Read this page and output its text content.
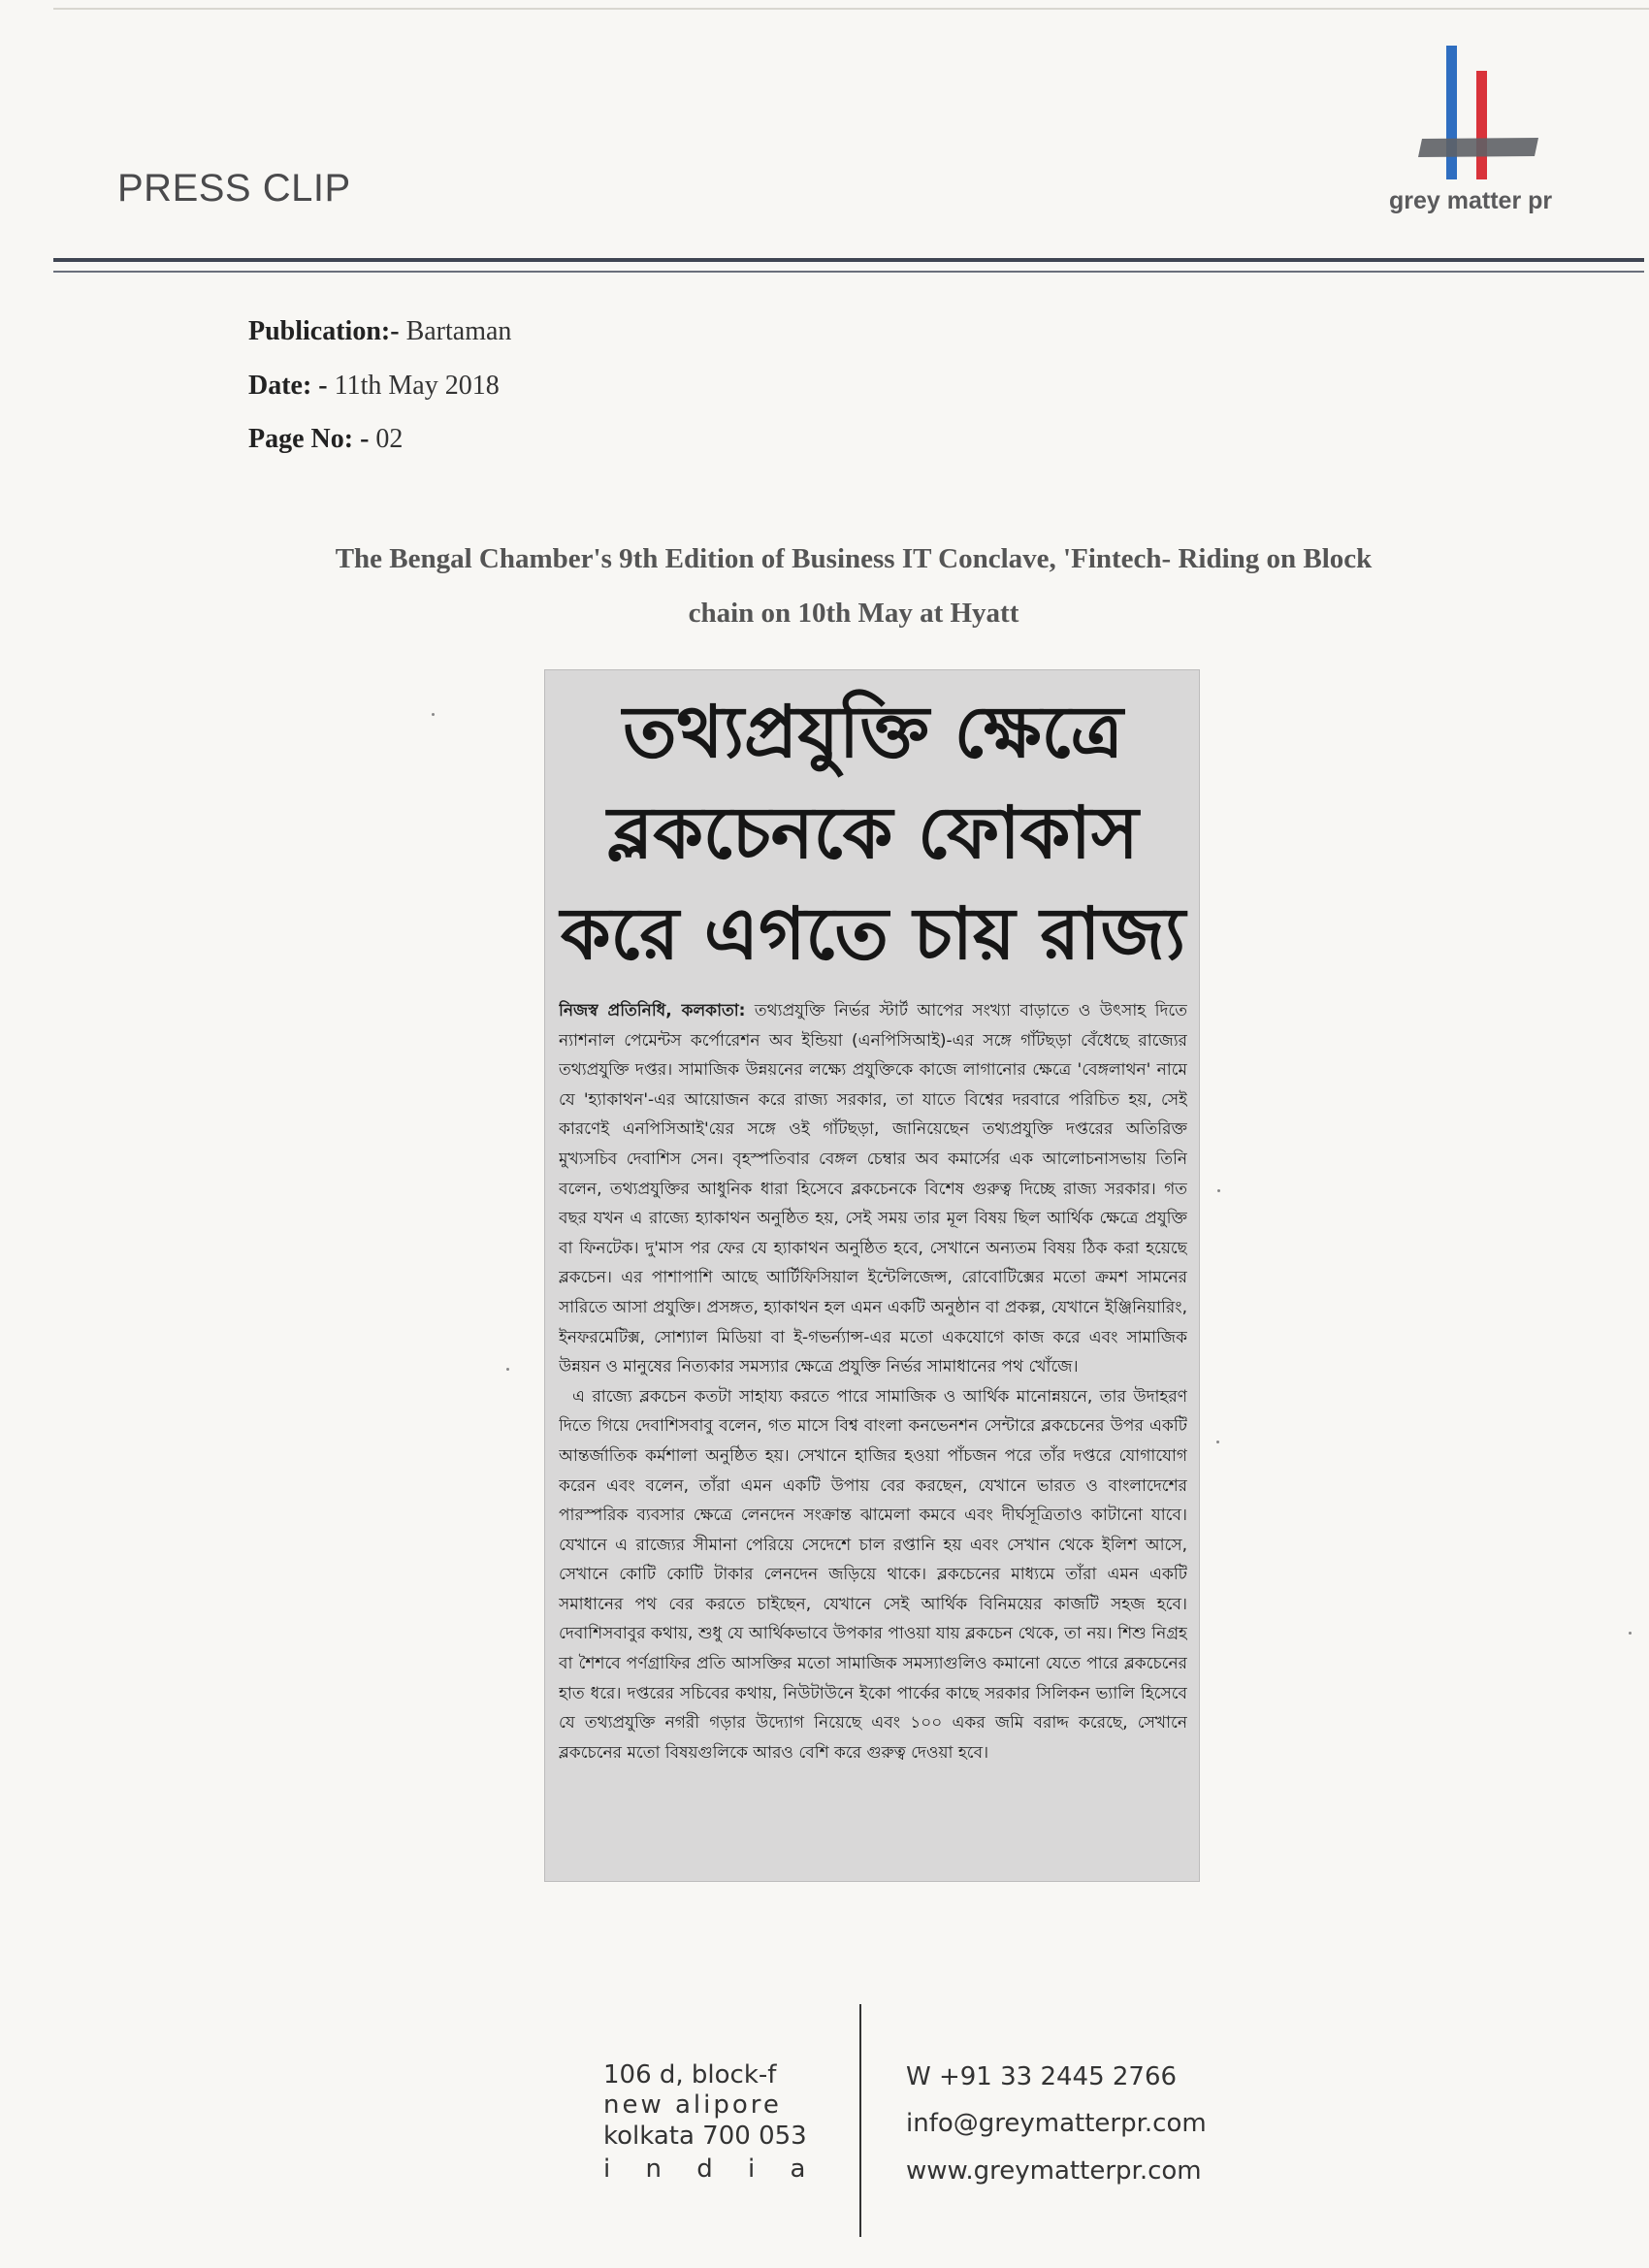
PRESS CLIP	grey matter pr
Publication:- Bartaman
Date: - 11th May 2018
Page No: - 02
The Bengal Chamber's 9th Edition of Business IT Conclave, 'Fintech- Riding on Block
chain on 10th May at Hyatt
তথ্যপ্রযুক্তি ক্ষেত্রে
ব্লকচেনকে ফোকাস
করে এগতে চায় রাজ্য

নিজস্ব প্রতিনিধি, কলকাতা: তথ্যপ্রযুক্তি নির্ভর স্টার্ট আপের সংখ্যা বাড়াতে ও উৎসাহ দিতে ন্যাশনাল পেমেন্টস কর্পোরেশন অব ইন্ডিয়া (এনপিসিআই)-এর সঙ্গে গাঁটছড়া বেঁধেছে রাজ্যের তথ্যপ্রযুক্তি দপ্তর। সামাজিক উন্নয়নের লক্ষ্যে প্রযুক্তিকে কাজে লাগানোর ক্ষেত্রে 'বেঙ্গলাথন' নামে যে 'হ্যাকাথন'-এর আয়োজন করে রাজ্য সরকার, তা যাতে বিশ্বের দরবারে পরিচিত হয়, সেই কারণেই এনপিসিআই'য়ের সঙ্গে ওই গাঁটছড়া, জানিয়েছেন তথ্যপ্রযুক্তি দপ্তরের অতিরিক্ত মুখ্যসচিব দেবাশিস সেন। বৃহস্পতিবার বেঙ্গল চেম্বার অব কমার্সের এক আলোচনাসভায় তিনি বলেন, তথ্যপ্রযুক্তির আধুনিক ধারা হিসেবে ব্লকচেনকে বিশেষ গুরুত্ব দিচ্ছে রাজ্য সরকার। গত বছর যখন এ রাজ্যে হ্যাকাথন অনুষ্ঠিত হয়, সেই সময় তার মূল বিষয় ছিল আর্থিক ক্ষেত্রে প্রযুক্তি বা ফিনটেক। দু'মাস পর ফের যে হ্যাকাথন অনুষ্ঠিত হবে, সেখানে অন্যতম বিষয় ঠিক করা হয়েছে ব্লকচেন। এর পাশাপাশি আছে আর্টিফিসিয়াল ইন্টেলিজেন্স, রোবোটিক্সের মতো ক্রমশ সামনের সারিতে আসা প্রযুক্তি। প্রসঙ্গত, হ্যাকাথন হল এমন একটি অনুষ্ঠান বা প্রকল্প, যেখানে ইঞ্জিনিয়ারিং, ইনফরমেটিক্স, সোশ্যাল মিডিয়া বা ই-গভর্ন্যান্স-এর মতো একযোগে কাজ করে এবং সামাজিক উন্নয়ন ও মানুষের নিত্যকার সমস্যার ক্ষেত্রে প্রযুক্তি নির্ভর সামাধানের পথ খোঁজে।

এ রাজ্যে ব্লকচেন কতটা সাহায্য করতে পারে সামাজিক ও আর্থিক মানোন্নয়নে, তার উদাহরণ দিতে গিয়ে দেবাশিসবাবু বলেন, গত মাসে বিশ্ব বাংলা কনভেনশন সেন্টারে ব্লকচেনের উপর একটি আন্তর্জাতিক কর্মশালা অনুষ্ঠিত হয়। সেখানে হাজির হওয়া পাঁচজন পরে তাঁর দপ্তরে যোগাযোগ করেন এবং বলেন, তাঁরা এমন একটি উপায় বের করছেন, যেখানে ভারত ও বাংলাদেশের পারস্পরিক ব্যবসার ক্ষেত্রে লেনদেন সংক্রান্ত ঝামেলা কমবে এবং দীর্ঘসূত্রিতাও কাটানো যাবে। যেখানে এ রাজ্যের সীমানা পেরিয়ে সেদেশে চাল রপ্তানি হয় এবং সেখান থেকে ইলিশ আসে, সেখানে কোটি কোটি টাকার লেনদেন জড়িয়ে থাকে। ব্লকচেনের মাধ্যমে তাঁরা এমন একটি সমাধানের পথ বের করতে চাইছেন, যেখানে সেই আর্থিক বিনিময়ের কাজটি সহজ হবে। দেবাশিসবাবুর কথায়, শুধু যে আর্থিকভাবে উপকার পাওয়া যায় ব্লকচেন থেকে, তা নয়। শিশু নিগ্রহ বা শৈশবে পর্ণগ্রাফির প্রতি আসক্তির মতো সামাজিক সমস্যাগুলিও কমানো যেতে পারে ব্লকচেনের হাত ধরে। দপ্তরের সচিবের কথায়, নিউটাউনে ইকো পার্কের কাছে সরকার সিলিকন ভ্যালি হিসেবে যে তথ্যপ্রযুক্তি নগরী গড়ার উদ্যোগ নিয়েছে এবং ১০০ একর জমি বরাদ্দ করেছে, সেখানে ব্লকচেনের মতো বিষয়গুলিকে আরও বেশি করে গুরুত্ব দেওয়া হবে।

106 d, block-f
new alipore
kolkata 700 053
i n d i a
W +91 33 2445 2766
info@greymatterpr.com
www.greymatterpr.com
